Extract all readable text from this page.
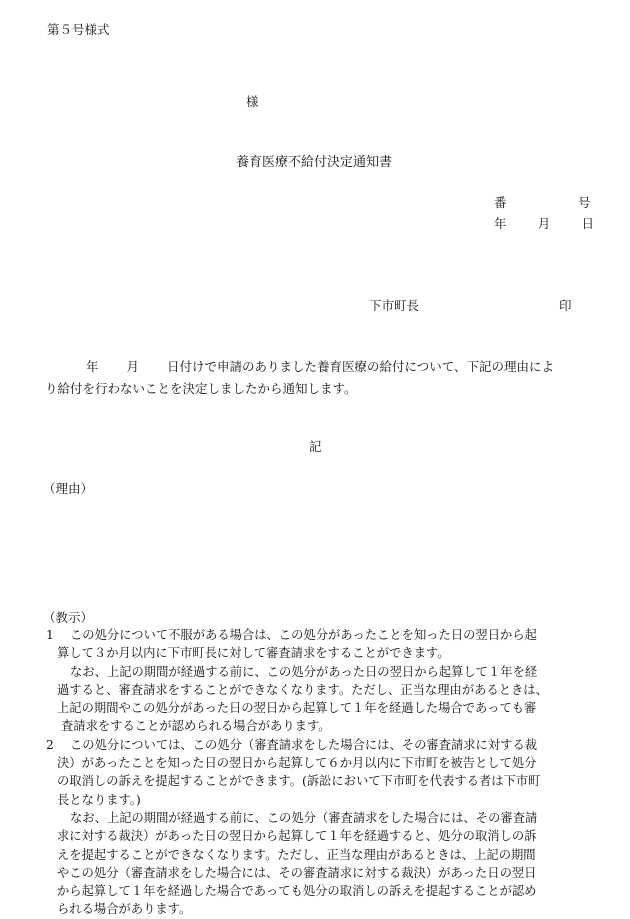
第５号様式
様
養育医療不給付決定通知書
番	号
年 月 日
下市町長	印
年 月 日付けで申請のありました養育医療の給付について、下記の理由によ
り給付を行わないことを決定しましたから通知します。
記
（理由）
（教示）
1	この処分について不服がある場合は、この処分があったことを知った日の翌日から起
算して３か月以内に下市町長に対して審査請求をすることができます。
なお、上記の期間が経過する前に、この処分があった日の翌日から起算して１年を経
過すると、審査請求をすることができなくなります。ただし、正当な理由があるときは、
上記の期間やこの処分があった日の翌日から起算して１年を経過した場合であっても審
査請求をすることが認められる場合があります。
2	この処分については、この処分（審査請求をした場合には、その審査請求に対する裁
決）があったことを知った日の翌日から起算して６か月以内に下市町を被告として処分
の取消しの訴えを提起することができます。(訴訟において下市町を代表する者は下市町
長となります。)
なお、上記の期間が経過する前に、この処分（審査請求をした場合には、その審査請
求に対する裁決）があった日の翌日から起算して１年を経過すると、処分の取消しの訴
えを提起することができなくなります。ただし、正当な理由があるときは、上記の期間
やこの処分（審査請求をした場合には、その審査請求に対する裁決）があった日の翌日
から起算して１年を経過した場合であっても処分の取消しの訴えを提起することが認め
られる場合があります。
